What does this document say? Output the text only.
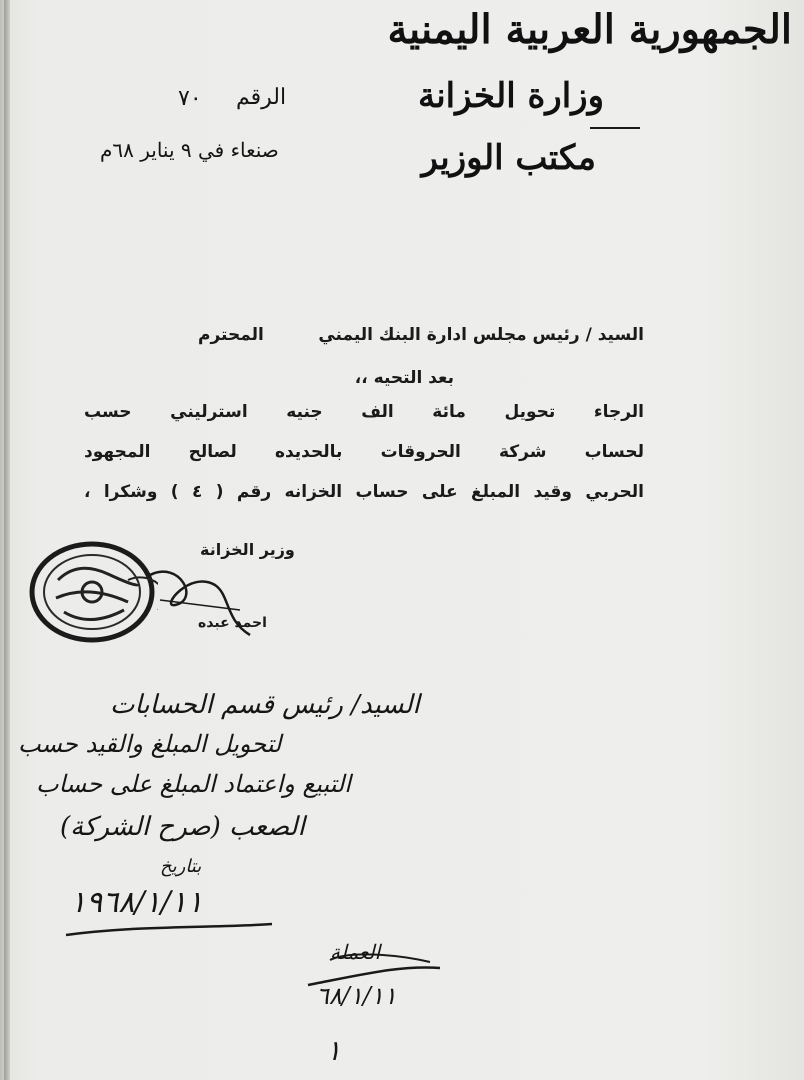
الجمهورية العربية اليمنية
وزارة الخزانة
مكتب الوزير
الرقم
٧٠
صنعاء في ٩ يناير ٦٨م
السيد / رئيس مجلس ادارة البنك اليمني
المحترم
بعد التحيه ،،
الرجاء تحويل مائة الف جنيه استرليني حسب
لحساب شركة الحروقات بالحديده لصالح المجهود
الحربي وقيد المبلغ على حساب الخزانه رقم ( ٤ ) وشكرا ،
وزير الخزانة
احمد عبده
السيد/ رئيس قسم الحسابات
لتحويل المبلغ والقيد حسب
التبيع واعتماد المبلغ على حساب
الصعب (صرح الشركة)
بتاريخ
١٩٦٨/١/١١
العملة
٦٨/١/١١
١
